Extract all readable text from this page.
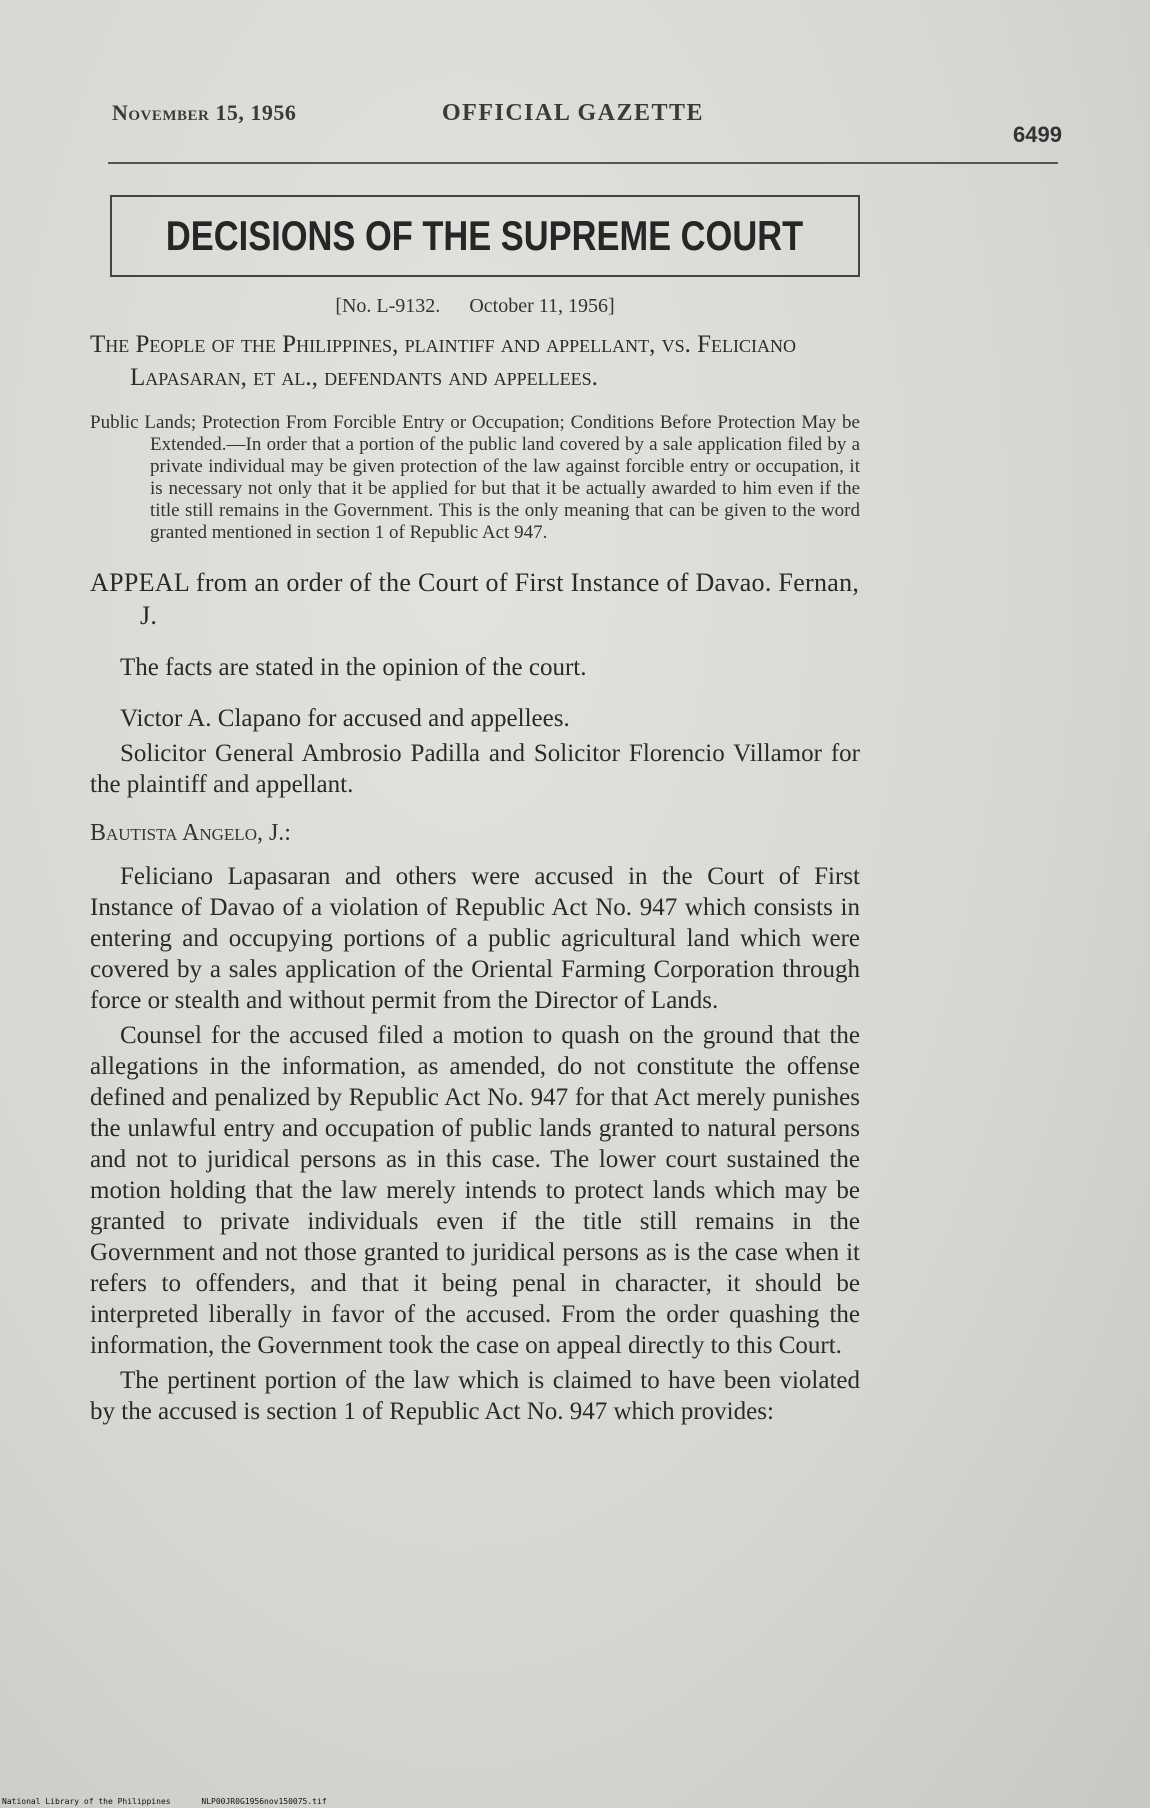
November 15, 1956	OFFICIAL GAZETTE
6499
DECISIONS OF THE SUPREME COURT
[No. L-9132. October 11, 1956]
The People of the Philippines, plaintiff and appellant, vs. Feliciano Lapasaran, et al., defendants and appellees.
Public Lands; Protection From Forcible Entry or Occupation; Conditions Before Protection May be Extended.—In order that a portion of the public land covered by a sale application filed by a private individual may be given protection of the law against forcible entry or occupation, it is necessary not only that it be applied for but that it be actually awarded to him even if the title still remains in the Government. This is the only meaning that can be given to the word granted mentioned in section 1 of Republic Act 947.
APPEAL from an order of the Court of First Instance of Davao. Fernan, J.
The facts are stated in the opinion of the court.
Victor A. Clapano for accused and appellees.
Solicitor General Ambrosio Padilla and Solicitor Florencio Villamor for the plaintiff and appellant.
Bautista Angelo, J.:
Feliciano Lapasaran and others were accused in the Court of First Instance of Davao of a violation of Republic Act No. 947 which consists in entering and occupying portions of a public agricultural land which were covered by a sales application of the Oriental Farming Corporation through force or stealth and without permit from the Director of Lands.
Counsel for the accused filed a motion to quash on the ground that the allegations in the information, as amended, do not constitute the offense defined and penalized by Republic Act No. 947 for that Act merely punishes the unlawful entry and occupation of public lands granted to natural persons and not to juridical persons as in this case. The lower court sustained the motion holding that the law merely intends to protect lands which may be granted to private individuals even if the title still remains in the Government and not those granted to juridical persons as is the case when it refers to offenders, and that it being penal in character, it should be interpreted liberally in favor of the accused. From the order quashing the information, the Government took the case on appeal directly to this Court.
The pertinent portion of the law which is claimed to have been violated by the accused is section 1 of Republic Act No. 947 which provides:
National Library of the Philippines	NLP00JR0G1956nov150075.tif
